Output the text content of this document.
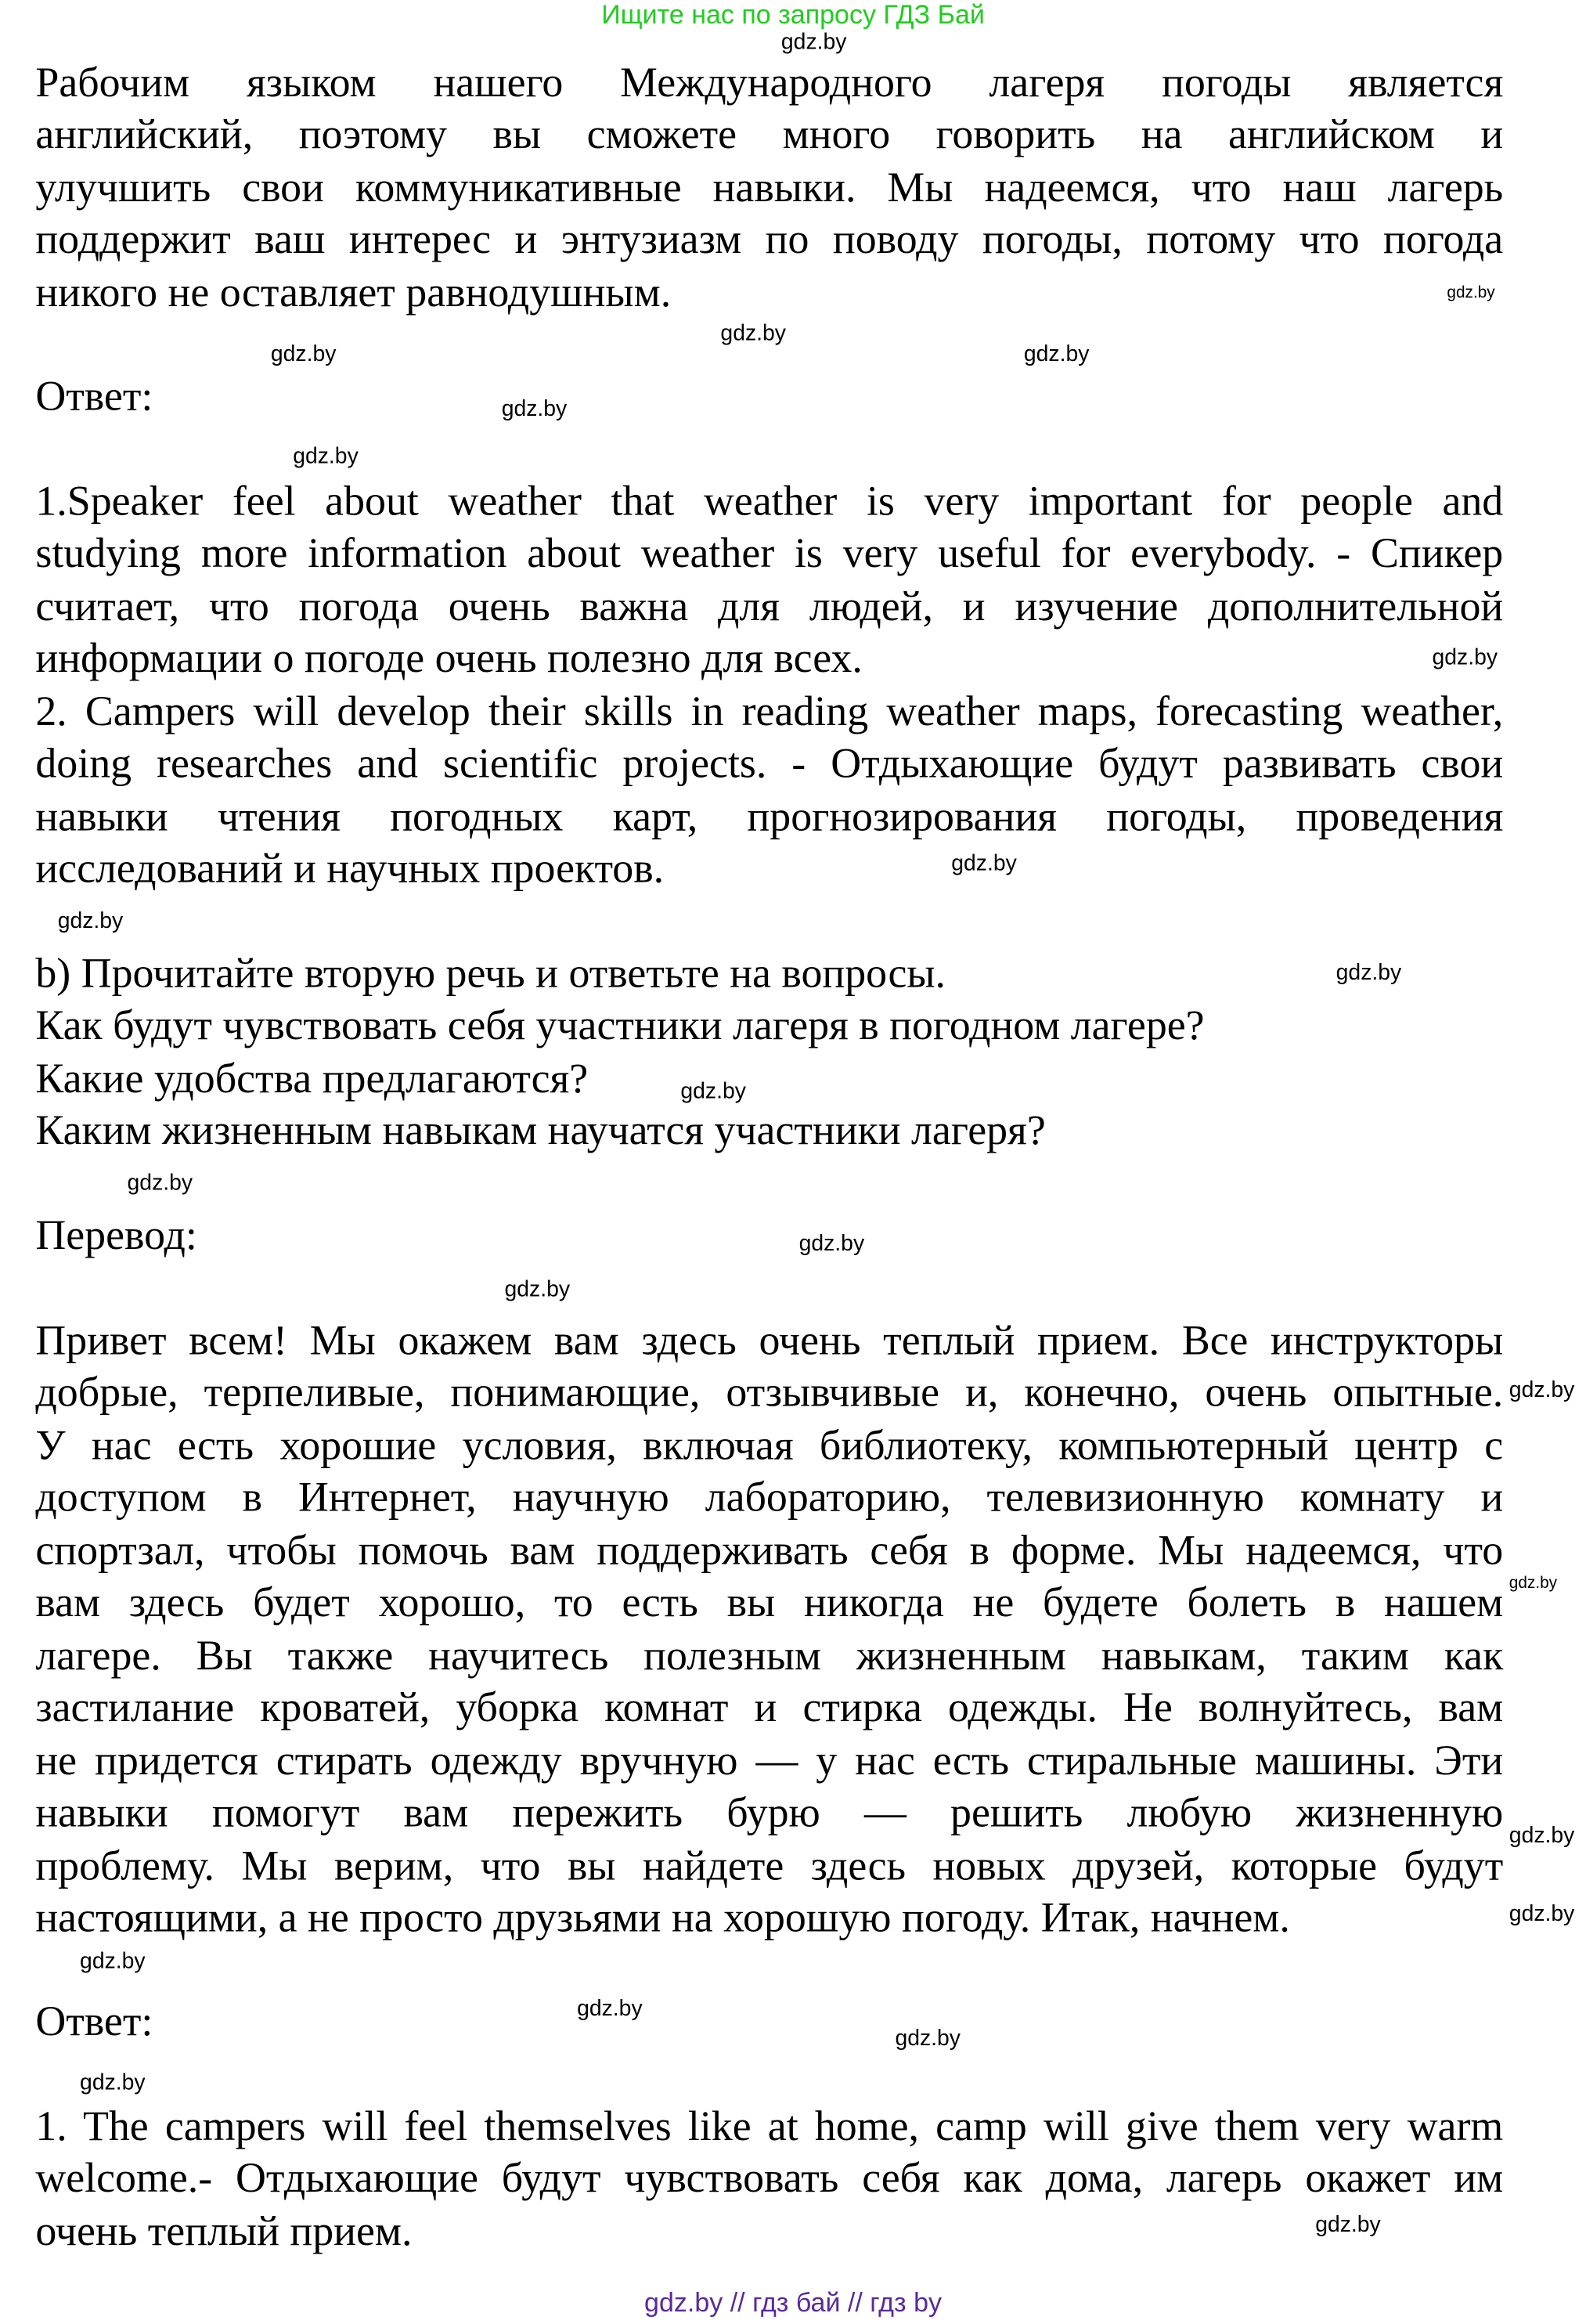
Ищите нас по запросу ГДЗ Бай
Рабочим языком нашего Международного лагеря погоды является
английский, поэтому вы сможете много говорить на английском и
улучшить свои коммуникативные навыки. Мы надеемся, что наш лагерь
поддержит ваш интерес и энтузиазм по поводу погоды, потому что погода
никого не оставляет равнодушным.
Ответ:
1.Speaker feel about weather that weather is very important for people and
studying more information about weather is very useful for everybody. - Спикер
считает, что погода очень важна для людей, и изучение дополнительной
информации о погоде очень полезно для всех.
2. Campers will develop their skills in reading weather maps, forecasting weather,
doing researches and scientific projects. - Отдыхающие будут развивать свои
навыки чтения погодных карт, прогнозирования погоды, проведения
исследований и научных проектов.
b) Прочитайте вторую речь и ответьте на вопросы.
Как будут чувствовать себя участники лагеря в погодном лагере?
Какие удобства предлагаются?
Каким жизненным навыкам научатся участники лагеря?
Перевод:
Привет всем! Мы окажем вам здесь очень теплый прием. Все инструкторы
добрые, терпеливые, понимающие, отзывчивые и, конечно, очень опытные.
У нас есть хорошие условия, включая библиотеку, компьютерный центр с
доступом в Интернет, научную лабораторию, телевизионную комнату и
спортзал, чтобы помочь вам поддерживать себя в форме. Мы надеемся, что
вам здесь будет хорошо, то есть вы никогда не будете болеть в нашем
лагере. Вы также научитесь полезным жизненным навыкам, таким как
застилание кроватей, уборка комнат и стирка одежды. Не волнуйтесь, вам
не придется стирать одежду вручную — у нас есть стиральные машины. Эти
навыки помогут вам пережить бурю — решить любую жизненную
проблему. Мы верим, что вы найдете здесь новых друзей, которые будут
настоящими, а не просто друзьями на хорошую погоду. Итак, начнем.
Ответ:
1. The campers will feel themselves like at home, camp will give them very warm
welcome.- Отдыхающие будут чувствовать себя как дома, лагерь окажет им
очень теплый прием.
gdz.by
gdz.by
gdz.by
gdz.by	gdz.by
gdz.by
gdz.by
gdz.by
gdz.by
gdz.by
gdz.by
gdz.by
gdz.by
gdz.by
gdz.by
gdz.by
gdz.by
gdz.by
gdz.by
gdz.by
gdz.by
gdz.by
gdz.by
gdz.by
gdz.by // гдз бай // гдз by
